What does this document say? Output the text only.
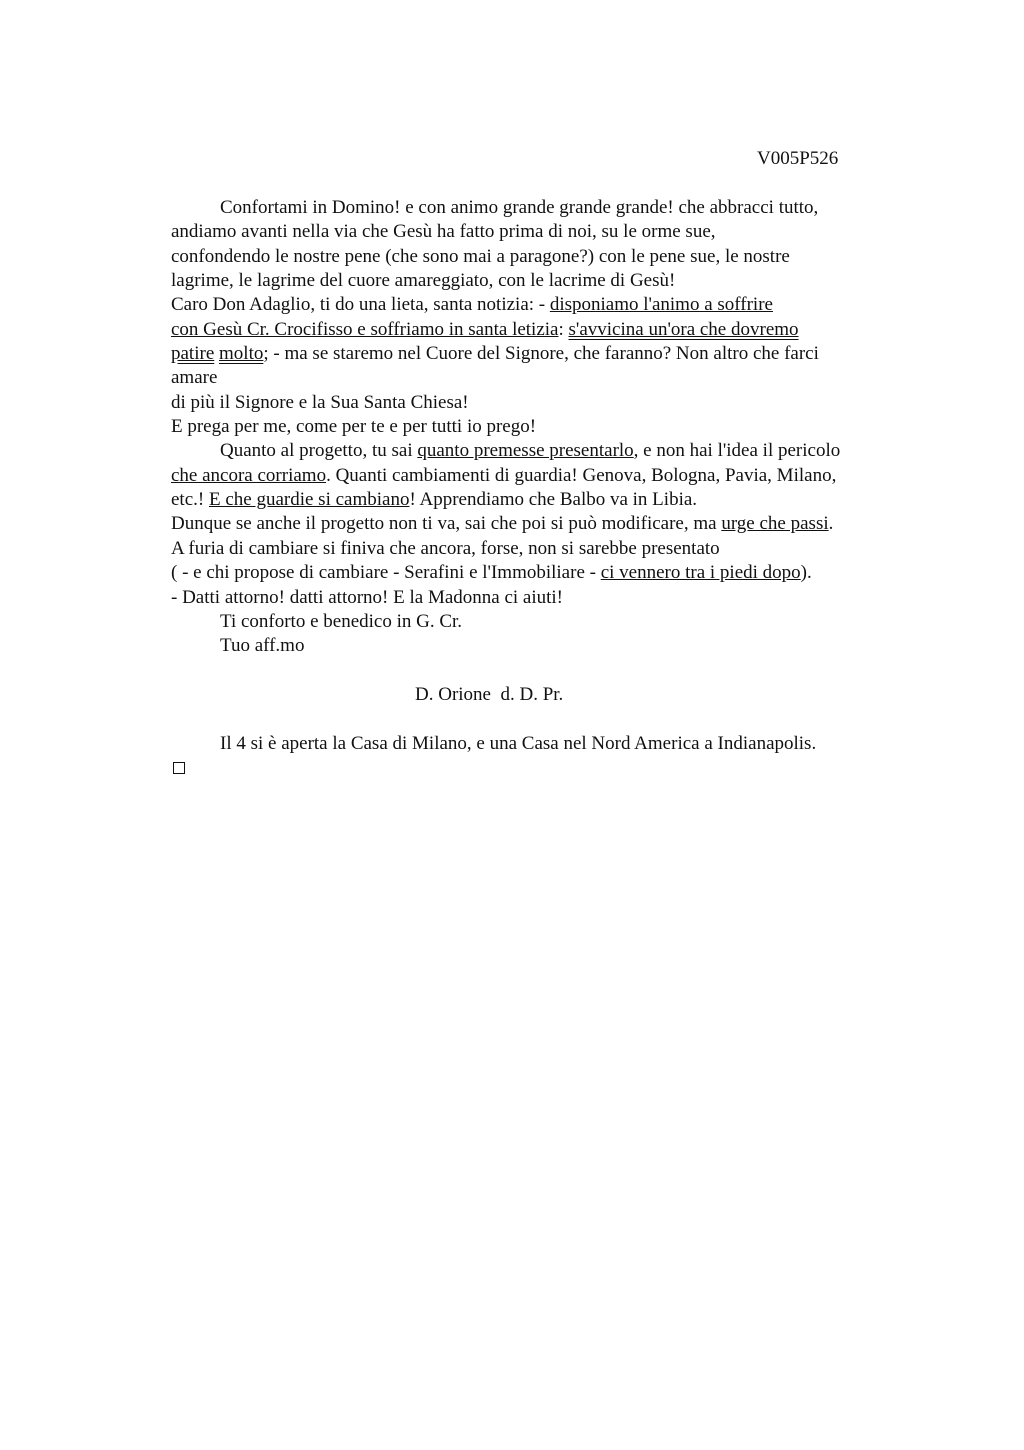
V005P526
Confortami in Domino! e con animo grande grande grande! che abbracci tutto,
andiamo avanti nella via che Gesù ha fatto prima di noi, su le orme sue,
confondendo le nostre pene (che sono mai a paragone?) con le pene sue, le nostre
lagrime, le lagrime del cuore amareggiato, con le lacrime di Gesù!
Caro Don Adaglio, ti do una lieta, santa notizia: - disponiamo l'animo a soffrire
con Gesù Cr. Crocifisso e soffriamo in santa letizia: s'avvicina un'ora che dovremo
patire molto; - ma se staremo nel Cuore del Signore, che faranno? Non altro che farci
amare
di più il Signore e la Sua Santa Chiesa!
E prega per me, come per te e per tutti io prego!
Quanto al progetto, tu sai quanto premesse presentarlo, e non hai l'idea il pericolo
che ancora corriamo. Quanti cambiamenti di guardia! Genova, Bologna, Pavia, Milano,
etc.! E che guardie si cambiano! Apprendiamo che Balbo va in Libia.
Dunque se anche il progetto non ti va, sai che poi si può modificare, ma urge che passi.
A furia di cambiare si finiva che ancora, forse, non si sarebbe presentato
( - e chi propose di cambiare - Serafini e l'Immobiliare - ci vennero tra i piedi dopo).
- Datti attorno! datti attorno! E la Madonna ci aiuti!
Ti conforto e benedico in G. Cr.
Tuo aff.mo
D. Orione  d. D. Pr.
Il 4 si è aperta la Casa di Milano, e una Casa nel Nord America a Indianapolis.
